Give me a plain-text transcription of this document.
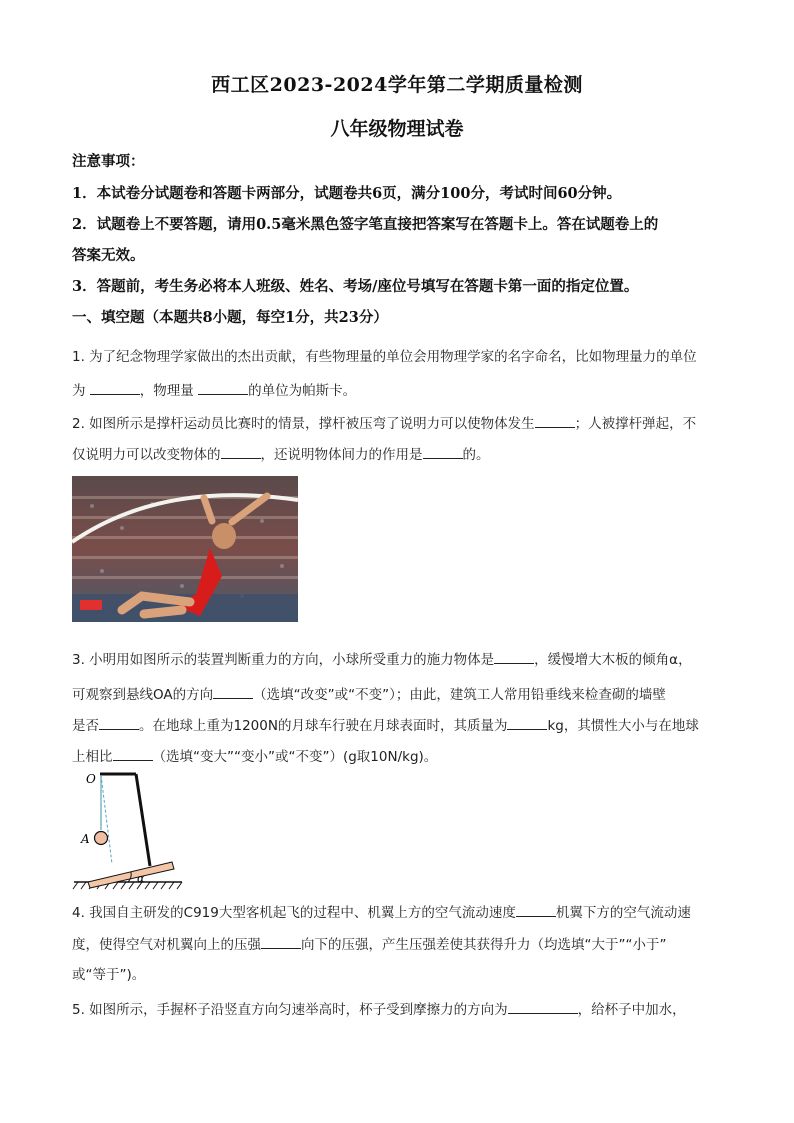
西工区2023-2024学年第二学期质量检测
八年级物理试卷
注意事项：
1．本试卷分试题卷和答题卡两部分，试题卷共6页，满分100分，考试时间60分钟。
2．试题卷上不要答题，请用0.5毫米黑色签字笔直接把答案写在答题卡上。答在试题卷上的
答案无效。
3．答题前，考生务必将本人班级、姓名、考场/座位号填写在答题卡第一面的指定位置。
一、填空题（本题共8小题，每空1分，共23分）
1. 为了纪念物理学家做出的杰出贡献，有些物理量的单位会用物理学家的名字命名，比如物理量力的单位
为	，物理量	的单位为帕斯卡。
2. 如图所示是撑杆运动员比赛时的情景，撑杆被压弯了说明力可以使物体发生	；人被撑杆弹起，不
仅说明力可以改变物体的	，还说明物体间力的作用是	的。
3. 小明用如图所示的装置判断重力的方向，小球所受重力的施力物体是	，缓慢增大木板的倾角α，
可观察到悬线OA的方向	（选填“改变”或“不变”）；由此，建筑工人常用铅垂线来检查砌的墙壁
是否	。在地球上重为1200N的月球车行驶在月球表面时，其质量为	kg，其惯性大小与在地球
上相比	（选填“变大”“变小”或“不变”）(g取10N/kg)。
O
A
α
4. 我国自主研发的C919大型客机起飞的过程中、机翼上方的空气流动速度	机翼下方的空气流动速
度，使得空气对机翼向上的压强	向下的压强，产生压强差使其获得升力（均选填“大于”“小于”
或“等于”)。
5. 如图所示，手握杯子沿竖直方向匀速举高时，杯子受到摩擦力的方向为	，给杯子中加水，
